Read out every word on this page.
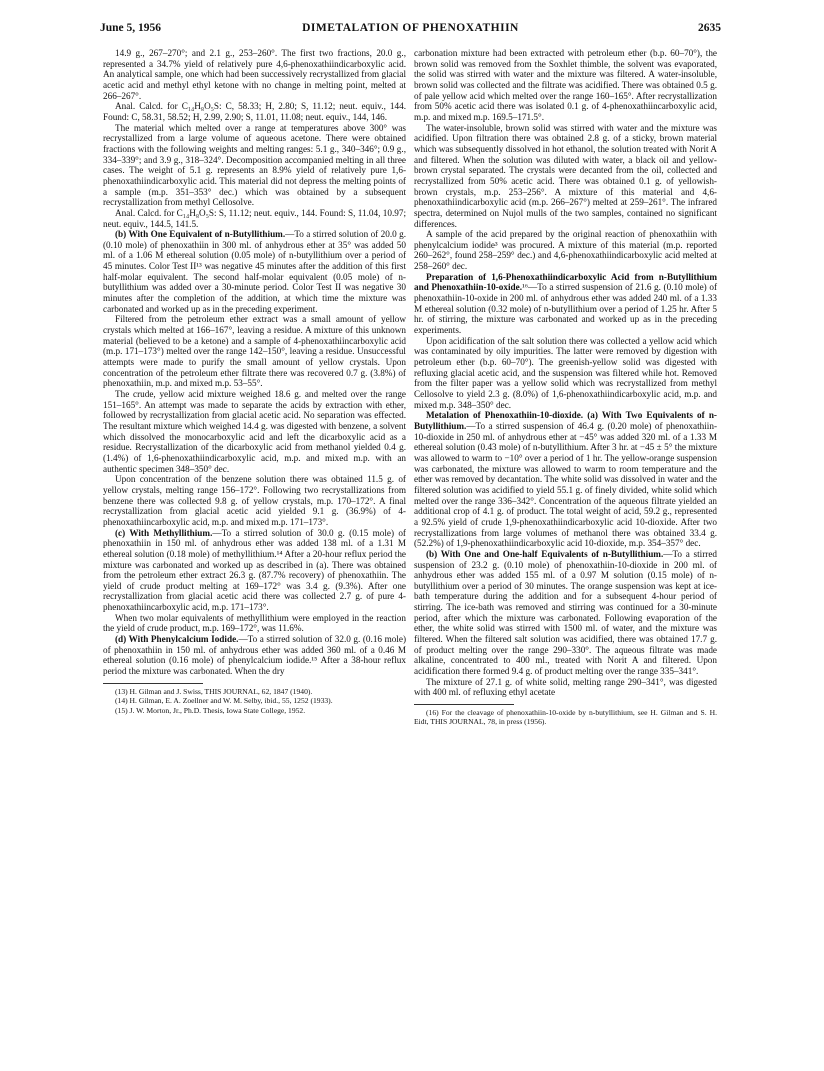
June 5, 1956	DIMETALATION OF PHENOXATHIIN	2635

14.9 g., 267–270°; and 2.1 g., 253–260°. The first two fractions, 20.0 g., represented a 34.7% yield of relatively pure 4,6-phenoxathiindicarboxylic acid. An analytical sample, one which had been successively recrystallized from glacial acetic acid and methyl ethyl ketone with no change in melting point, melted at 266–267°.

Anal. Calcd. for C₁₄H₈O₅S: C, 58.33; H, 2.80; S, 11.12; neut. equiv., 144. Found: C, 58.31, 58.52; H, 2.99, 2.90; S, 11.01, 11.08; neut. equiv., 144, 146.

The material which melted over a range at temperatures above 300° was recrystallized from a large volume of aqueous acetone. There were obtained fractions with the following weights and melting ranges: 5.1 g., 340–346°; 0.9 g., 334–339°; and 3.9 g., 318–324°. Decomposition accompanied melting in all three cases. The weight of 5.1 g. represents an 8.9% yield of relatively pure 1,6-phenoxathiindicarboxylic acid. This material did not depress the melting points of a sample (m.p. 351–353° dec.) which was obtained by a subsequent recrystallization from methyl Cellosolve.

Anal. Calcd. for C₁₄H₈O₅S: S, 11.12; neut. equiv., 144. Found: S, 11.04, 10.97; neut. equiv., 144.5, 141.5.

(b) With One Equivalent of n-Butyllithium.—To a stirred solution of 20.0 g. (0.10 mole) of phenoxathiin in 300 ml. of anhydrous ether at 35° was added 50 ml. of a 1.06 M ethereal solution (0.05 mole) of n-butyllithium over a period of 45 minutes. Color Test II¹³ was negative 45 minutes after the addition of this first half-molar equivalent. The second half-molar equivalent (0.05 mole) of n-butyllithium was added over a 30-minute period. Color Test II was negative 30 minutes after the completion of the addition, at which time the mixture was carbonated and worked up as in the preceding experiment.

Filtered from the petroleum ether extract was a small amount of yellow crystals which melted at 166–167°, leaving a residue. A mixture of this unknown material (believed to be a ketone) and a sample of 4-phenoxathiincarboxylic acid (m.p. 171–173°) melted over the range 142–150°, leaving a residue. Unsuccessful attempts were made to purify the small amount of yellow crystals. Upon concentration of the petroleum ether filtrate there was recovered 0.7 g. (3.8%) of phenoxathiin, m.p. and mixed m.p. 53–55°.

The crude, yellow acid mixture weighed 18.6 g. and melted over the range 151–165°. An attempt was made to separate the acids by extraction with ether, followed by recrystallization from glacial acetic acid. No separation was effected. The resultant mixture which weighed 14.4 g. was digested with benzene, a solvent which dissolved the monocarboxylic acid and left the dicarboxylic acid as a residue. Recrystallization of the dicarboxylic acid from methanol yielded 0.4 g. (1.4%) of 1,6-phenoxathiindicarboxylic acid, m.p. and mixed m.p. with an authentic specimen 348–350° dec.

Upon concentration of the benzene solution there was obtained 11.5 g. of yellow crystals, melting range 156–172°. Following two recrystallizations from benzene there was collected 9.8 g. of yellow crystals, m.p. 170–172°. A final recrystallization from glacial acetic acid yielded 9.1 g. (36.9%) of 4-phenoxathiincarboxylic acid, m.p. and mixed m.p. 171–173°.

(c) With Methyllithium.—To a stirred solution of 30.0 g. (0.15 mole) of phenoxathiin in 150 ml. of anhydrous ether was added 138 ml. of a 1.31 M ethereal solution (0.18 mole) of methyllithium.¹⁴ After a 20-hour reflux period the mixture was carbonated and worked up as described in (a). There was obtained from the petroleum ether extract 26.3 g. (87.7% recovery) of phenoxathiin. The yield of crude product melting at 169–172° was 3.4 g. (9.3%). After one recrystallization from glacial acetic acid there was collected 2.7 g. of pure 4-phenoxathiincarboxylic acid, m.p. 171–173°.

When two molar equivalents of methyllithium were employed in the reaction the yield of crude product, m.p. 169–172°, was 11.6%.

(d) With Phenylcalcium Iodide.—To a stirred solution of 32.0 g. (0.16 mole) of phenoxathiin in 150 ml. of anhydrous ether was added 360 ml. of a 0.46 M ethereal solution (0.16 mole) of phenylcalcium iodide.¹⁵ After a 38-hour reflux period the mixture was carbonated. When the dry

(13) H. Gilman and J. Swiss, THIS JOURNAL, 62, 1847 (1940).

(14) H. Gilman, E. A. Zoellner and W. M. Selby, ibid., 55, 1252 (1933).

(15) J. W. Morton, Jr., Ph.D. Thesis, Iowa State College, 1952.

carbonation mixture had been extracted with petroleum ether (b.p. 60–70°), the brown solid was removed from the Soxhlet thimble, the solvent was evaporated, the solid was stirred with water and the mixture was filtered. A water-insoluble, brown solid was collected and the filtrate was acidified. There was obtained 0.5 g. of pale yellow acid which melted over the range 160–165°. After recrystallization from 50% acetic acid there was isolated 0.1 g. of 4-phenoxathiincarboxylic acid, m.p. and mixed m.p. 169.5–171.5°.

The water-insoluble, brown solid was stirred with water and the mixture was acidified. Upon filtration there was obtained 2.8 g. of a sticky, brown material which was subsequently dissolved in hot ethanol, the solution treated with Norit A and filtered. When the solution was diluted with water, a black oil and yellow-brown crystal separated. The crystals were decanted from the oil, collected and recrystallized from 50% acetic acid. There was obtained 0.1 g. of yellowish-brown crystals, m.p. 253–256°. A mixture of this material and 4,6-phenoxathiindicarboxylic acid (m.p. 266–267°) melted at 259–261°. The infrared spectra, determined on Nujol mulls of the two samples, contained no significant differences.

A sample of the acid prepared by the original reaction of phenoxathiin with phenylcalcium iodide³ was procured. A mixture of this material (m.p. reported 260–262°, found 258–259° dec.) and 4,6-phenoxathiindicarboxylic acid melted at 258–260° dec.

Preparation of 1,6-Phenoxathiindicarboxylic Acid from n-Butyllithium and Phenoxathiin-10-oxide.¹⁶—To a stirred suspension of 21.6 g. (0.10 mole) of phenoxathiin-10-oxide in 200 ml. of anhydrous ether was added 240 ml. of a 1.33 M ethereal solution (0.32 mole) of n-butyllithium over a period of 1.25 hr. After 5 hr. of stirring, the mixture was carbonated and worked up as in the preceding experiments.

Upon acidification of the salt solution there was collected a yellow acid which was contaminated by oily impurities. The latter were removed by digestion with petroleum ether (b.p. 60–70°). The greenish-yellow solid was digested with refluxing glacial acetic acid, and the suspension was filtered while hot. Removed from the filter paper was a yellow solid which was recrystallized from methyl Cellosolve to yield 2.3 g. (8.0%) of 1,6-phenoxathiindicarboxylic acid, m.p. and mixed m.p. 348–350° dec.

Metalation of Phenoxathiin-10-dioxide. (a) With Two Equivalents of n-Butyllithium.—To a stirred suspension of 46.4 g. (0.20 mole) of phenoxathiin-10-dioxide in 250 ml. of anhydrous ether at −45° was added 320 ml. of a 1.33 M ethereal solution (0.43 mole) of n-butyllithium. After 3 hr. at −45 ± 5° the mixture was allowed to warm to −10° over a period of 1 hr. The yellow-orange suspension was carbonated, the mixture was allowed to warm to room temperature and the ether was removed by decantation. The white solid was dissolved in water and the filtered solution was acidified to yield 55.1 g. of finely divided, white solid which melted over the range 336–342°. Concentration of the aqueous filtrate yielded an additional crop of 4.1 g. of product. The total weight of acid, 59.2 g., represented a 92.5% yield of crude 1,9-phenoxathiindicarboxylic acid 10-dioxide. After two recrystallizations from large volumes of methanol there was obtained 33.4 g. (52.2%) of 1,9-phenoxathiindicarboxylic acid 10-dioxide, m.p. 354–357° dec.

(b) With One and One-half Equivalents of n-Butyllithium.—To a stirred suspension of 23.2 g. (0.10 mole) of phenoxathiin-10-dioxide in 200 ml. of anhydrous ether was added 155 ml. of a 0.97 M solution (0.15 mole) of n-butyllithium over a period of 30 minutes. The orange suspension was kept at ice-bath temperature during the addition and for a subsequent 4-hour period of stirring. The ice-bath was removed and stirring was continued for a 30-minute period, after which the mixture was carbonated. Following evaporation of the ether, the white solid was stirred with 1500 ml. of water, and the mixture was filtered. When the filtered salt solution was acidified, there was obtained 17.7 g. of product melting over the range 290–330°. The aqueous filtrate was made alkaline, concentrated to 400 ml., treated with Norit A and filtered. Upon acidification there formed 9.4 g. of product melting over the range 335–341°.

The mixture of 27.1 g. of white solid, melting range 290–341°, was digested with 400 ml. of refluxing ethyl acetate

(16) For the cleavage of phenoxathiin-10-oxide by n-butyllithium, see H. Gilman and S. H. Eidt, THIS JOURNAL, 78, in press (1956).
